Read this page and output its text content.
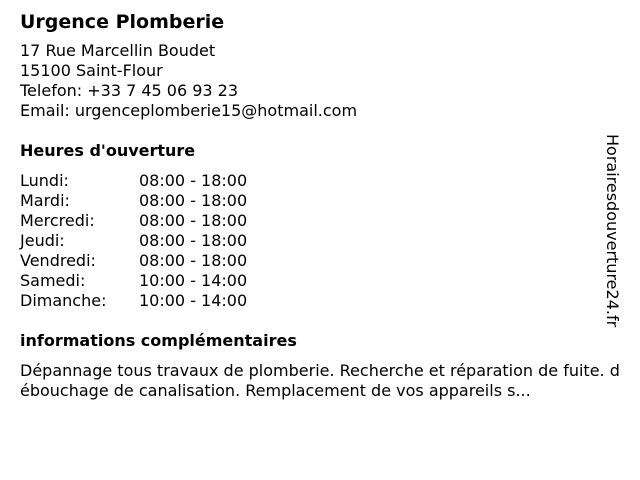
Urgence Plomberie
17 Rue Marcellin Boudet
15100 Saint-Flour
Telefon: +33 7 45 06 93 23
Email: urgenceplomberie15@hotmail.com
Heures d'ouverture
Lundi:	08:00 - 18:00
Mardi:	08:00 - 18:00
Mercredi:	08:00 - 18:00
Jeudi:	08:00 - 18:00
Vendredi:	08:00 - 18:00
Samedi:	10:00 - 14:00
Dimanche:	10:00 - 14:00
informations complémentaires
Dépannage tous travaux de plomberie. Recherche et réparation de fuite. débouchage de canalisation. Remplacement de vos appareils s...
Horairesdouverture24.fr
